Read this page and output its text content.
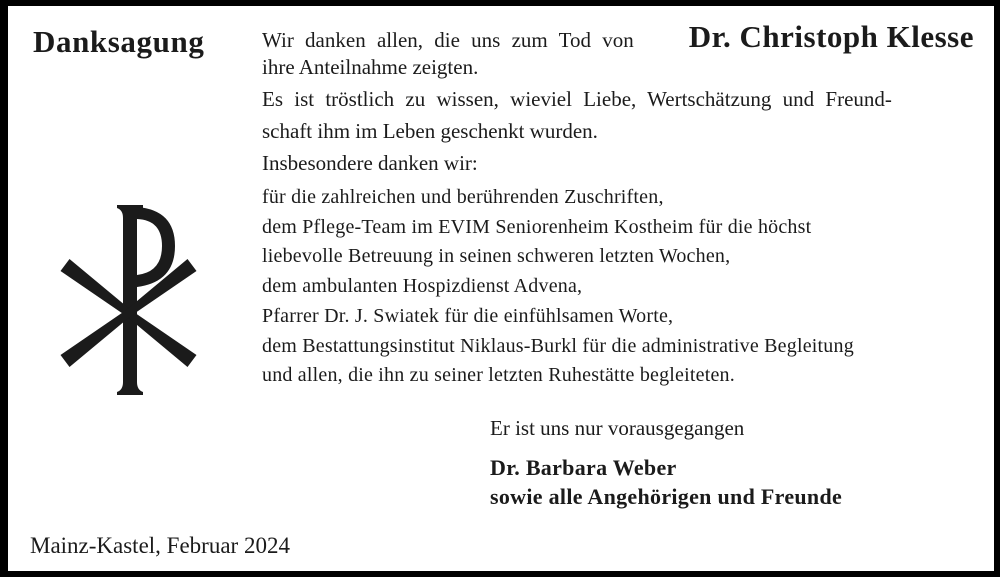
Danksagung	Wir danken allen, die uns zum Tod von Dr. Christoph Klesse
ihre Anteilnahme zeigten.
Es ist tröstlich zu wissen, wieviel Liebe, Wertschätzung und Freund-
schaft ihm im Leben geschenkt wurden.
Insbesondere danken wir:
für die zahlreichen und berührenden Zuschriften,
dem Pflege-Team im EVIM Seniorenheim Kostheim für die höchst
liebevolle Betreuung in seinen schweren letzten Wochen,
dem ambulanten Hospizdienst Advena,
Pfarrer Dr. J. Swiatek für die einfühlsamen Worte,
dem Bestattungsinstitut Niklaus-Burkl für die administrative Begleitung
und allen, die ihn zu seiner letzten Ruhestätte begleiteten.
Er ist uns nur vorausgegangen
Dr. Barbara Weber
sowie alle Angehörigen und Freunde
Mainz-Kastel, Februar 2024
